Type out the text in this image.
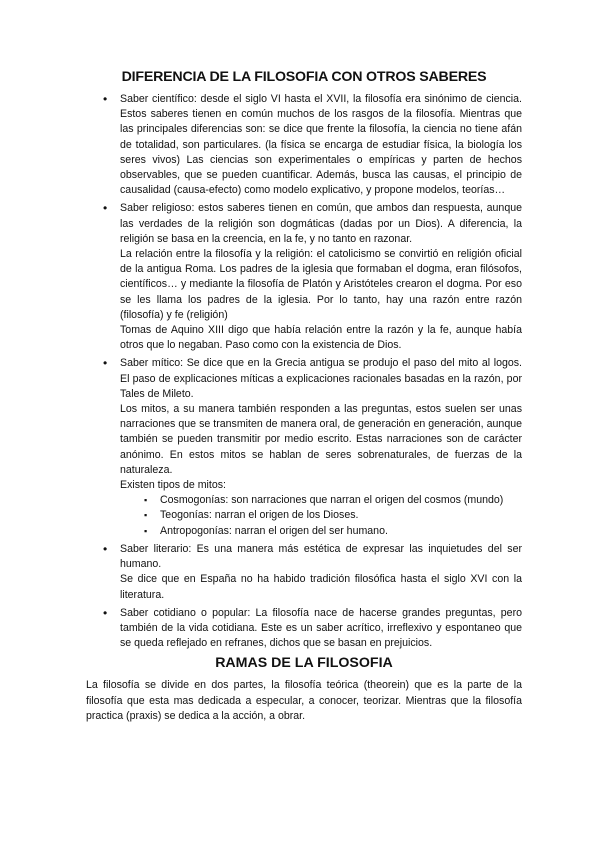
DIFERENCIA DE LA FILOSOFIA CON OTROS SABERES

• Saber científico: desde el siglo VI hasta el XVII, la filosofía era sinónimo de ciencia. Estos saberes tienen en común muchos de los rasgos de la filosofía. Mientras que las principales diferencias son: se dice que frente la filosofía, la ciencia no tiene afán de totalidad, son particulares. (la física se encarga de estudiar física, la biología los seres vivos) Las ciencias son experimentales o empíricas y parten de hechos observables, que se pueden cuantificar. Además, busca las causas, el principio de causalidad (causa-efecto) como modelo explicativo, y propone modelos, teorías…

• Saber religioso: estos saberes tienen en común, que ambos dan respuesta, aunque las verdades de la religión son dogmáticas (dadas por un Dios). A diferencia, la religión se basa en la creencia, en la fe, y no tanto en razonar.

La relación entre la filosofía y la religión: el catolicismo se convirtió en religión oficial de la antigua Roma. Los padres de la iglesia que formaban el dogma, eran filósofos, científicos… y mediante la filosofía de Platón y Aristóteles crearon el dogma. Por eso se les llama los padres de la iglesia. Por lo tanto, hay una razón entre razón (filosofía) y fe (religión)

Tomas de Aquino XIII digo que había relación entre la razón y la fe, aunque había otros que lo negaban. Paso como con la existencia de Dios.

• Saber mítico: Se dice que en la Grecia antigua se produjo el paso del mito al logos. El paso de explicaciones míticas a explicaciones racionales basadas en la razón, por Tales de Mileto.

Los mitos, a su manera también responden a las preguntas, estos suelen ser unas narraciones que se transmiten de manera oral, de generación en generación, aunque también se pueden transmitir por medio escrito. Estas narraciones son de carácter anónimo. En estos mitos se hablan de seres sobrenaturales, de fuerzas de la naturaleza.

Existen tipos de mitos:

▪ Cosmogonías: son narraciones que narran el origen del cosmos (mundo)
▪ Teogonías: narran el origen de los Dioses.
▪ Antropogonías: narran el origen del ser humano.

• Saber literario: Es una manera más estética de expresar las inquietudes del ser humano.

Se dice que en España no ha habido tradición filosófica hasta el siglo XVI con la literatura.

• Saber cotidiano o popular: La filosofía nace de hacerse grandes preguntas, pero también de la vida cotidiana. Este es un saber acrítico, irreflexivo y espontaneo que se queda reflejado en refranes, dichos que se basan en prejuicios.

RAMAS DE LA FILOSOFIA

La filosofía se divide en dos partes, la filosofía teórica (theorein) que es la parte de la filosofía que esta mas dedicada a especular, a conocer, teorizar. Mientras que la filosofía practica (praxis) se dedica a la acción, a obrar.
